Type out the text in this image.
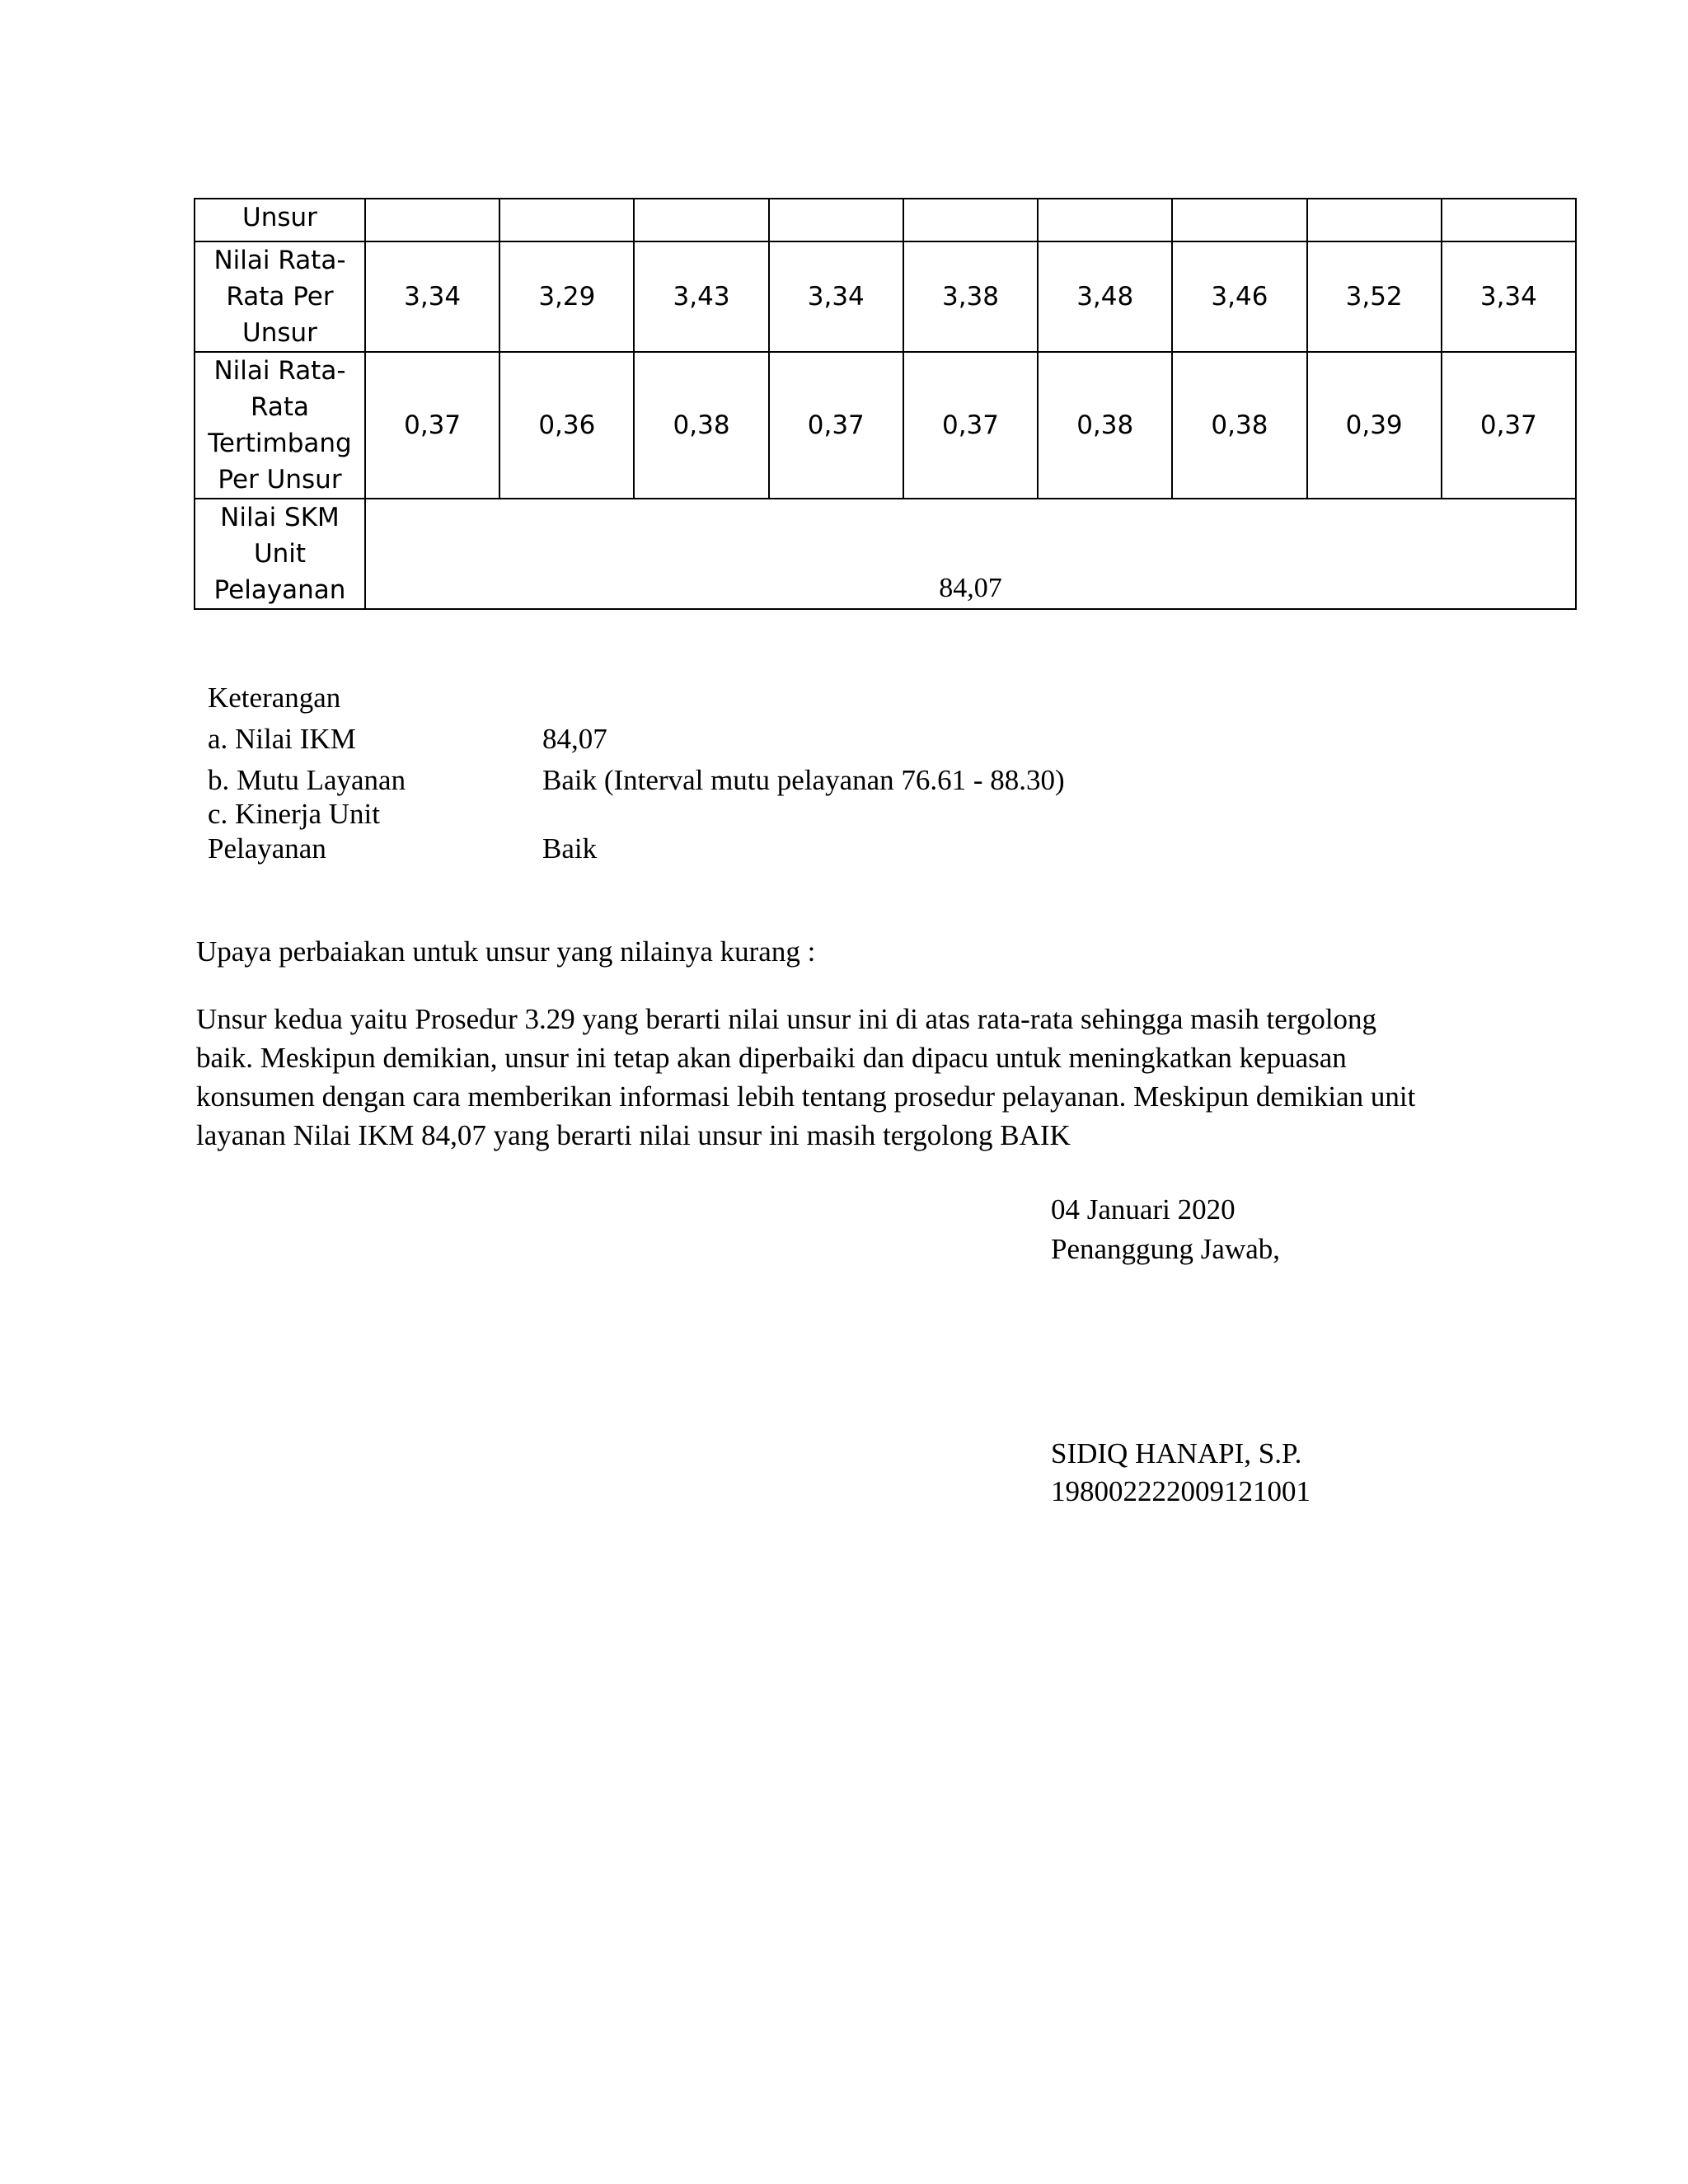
Unsur									

Nilai Rata-
Rata Per
Unsur	3,34	3,29	3,43	3,34	3,38	3,48	3,46	3,52	3,34

Nilai Rata-
Rata
Tertimbang
Per Unsur	0,37	0,36	0,38	0,37	0,37	0,38	0,38	0,39	0,37

Nilai SKM
Unit
Pelayanan	84,07								
Keterangan
a. Nilai IKM	84,07
b. Mutu Layanan	Baik (Interval mutu pelayanan 76.61 - 88.30)
c. Kinerja Unit
Pelayanan	Baik
Upaya perbaiakan untuk unsur yang nilainya kurang :

Unsur kedua yaitu Prosedur 3.29 yang berarti nilai unsur ini di atas rata-rata sehingga masih tergolong

baik. Meskipun demikian, unsur ini tetap akan diperbaiki dan dipacu untuk meningkatkan kepuasan

konsumen dengan cara memberikan informasi lebih tentang prosedur pelayanan. Meskipun demikian unit

layanan Nilai IKM 84,07 yang berarti nilai unsur ini masih tergolong BAIK

04 Januari 2020
Penanggung Jawab,
SIDIQ HANAPI, S.P.
198002222009121001
